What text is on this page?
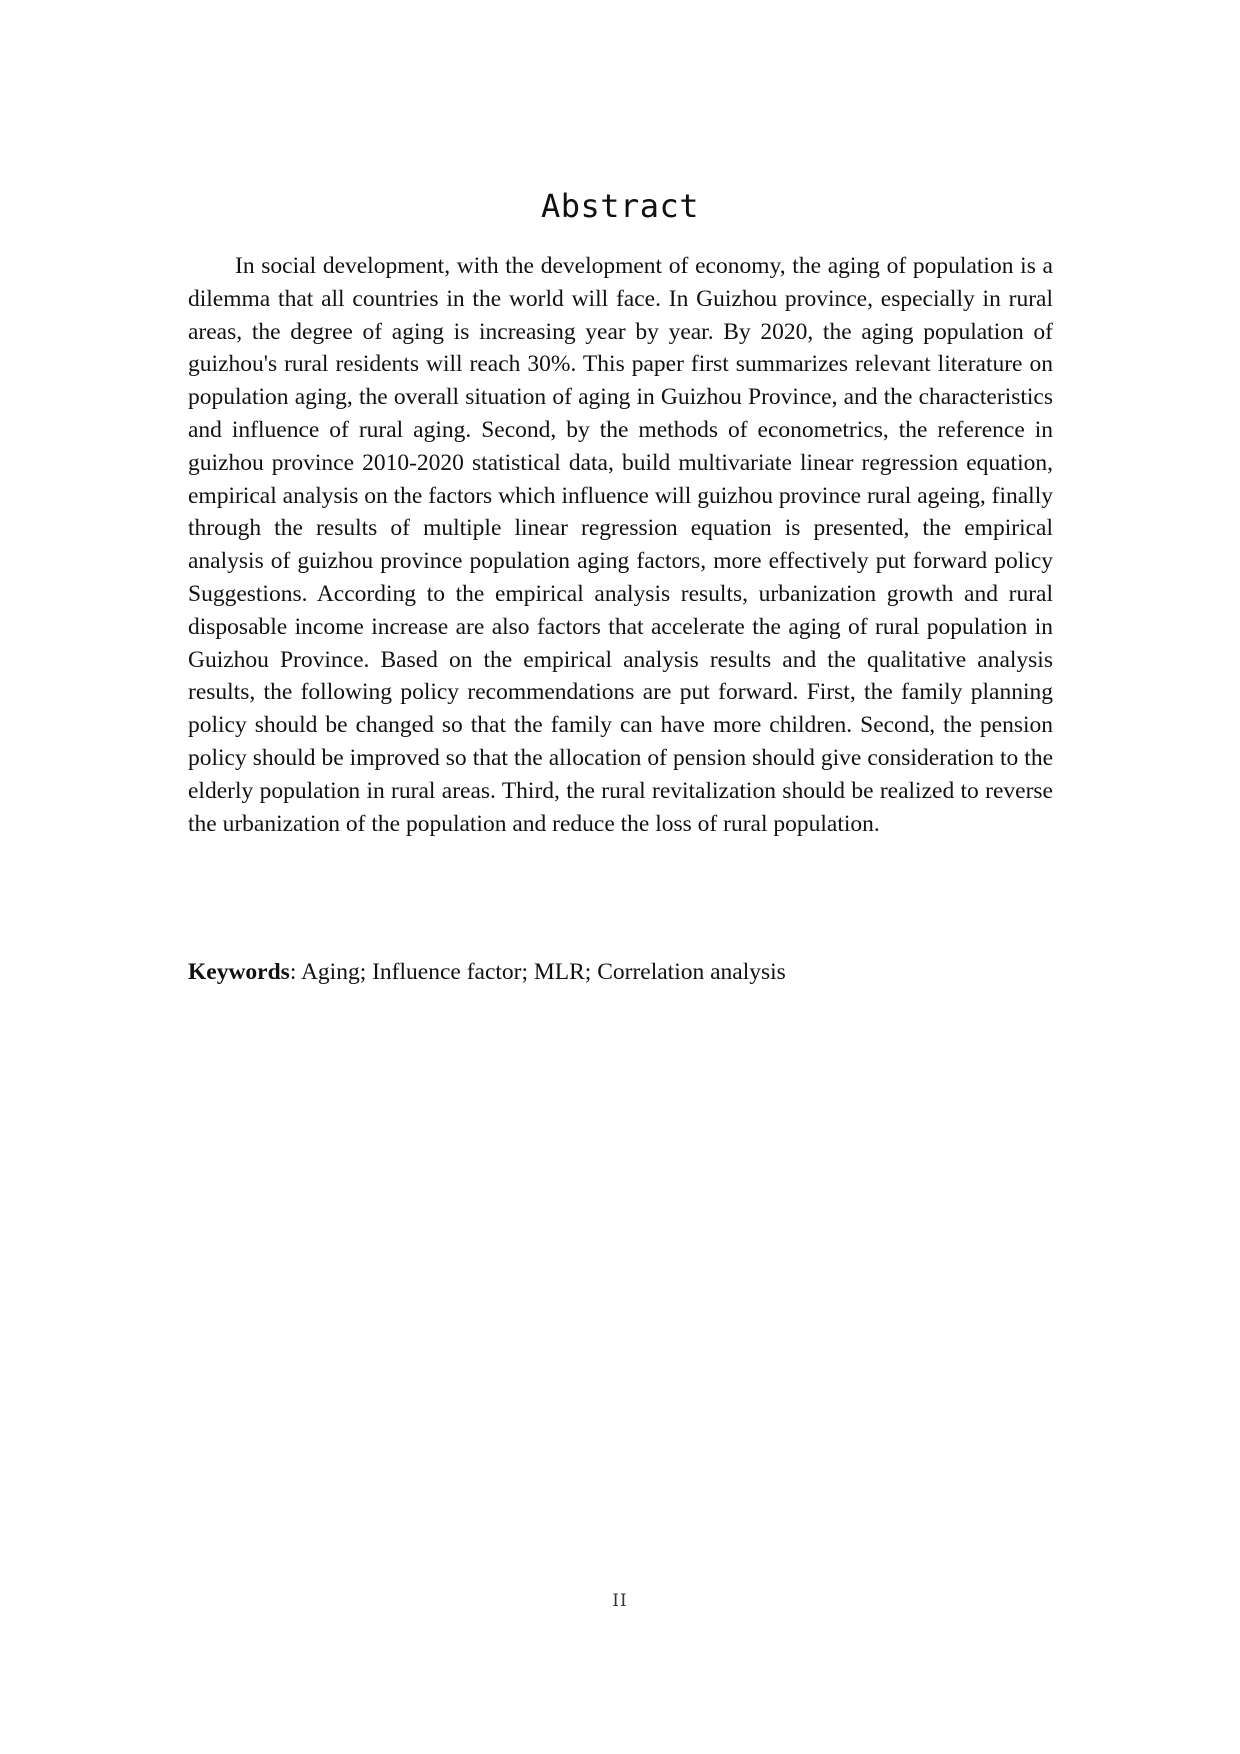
Abstract

In social development, with the development of economy, the aging of population is a dilemma that all countries in the world will face. In Guizhou province, especially in rural areas, the degree of aging is increasing year by year. By 2020, the aging population of guizhou's rural residents will reach 30%. This paper first summarizes relevant literature on population aging, the overall situation of aging in Guizhou Province, and the characteristics and influence of rural aging. Second, by the methods of econometrics, the reference in guizhou province 2010-2020 statistical data, build multivariate linear regression equation, empirical analysis on the factors which influence will guizhou province rural ageing, finally through the results of multiple linear regression equation is presented, the empirical analysis of guizhou province population aging factors, more effectively put forward policy Suggestions. According to the empirical analysis results, urbanization growth and rural disposable income increase are also factors that accelerate the aging of rural population in Guizhou Province. Based on the empirical analysis results and the qualitative analysis results, the following policy recommendations are put forward. First, the family planning policy should be changed so that the family can have more children. Second, the pension policy should be improved so that the allocation of pension should give consideration to the elderly population in rural areas. Third, the rural revitalization should be realized to reverse the urbanization of the population and reduce the loss of rural population.

Keywords: Aging; Influence factor; MLR; Correlation analysis

II
